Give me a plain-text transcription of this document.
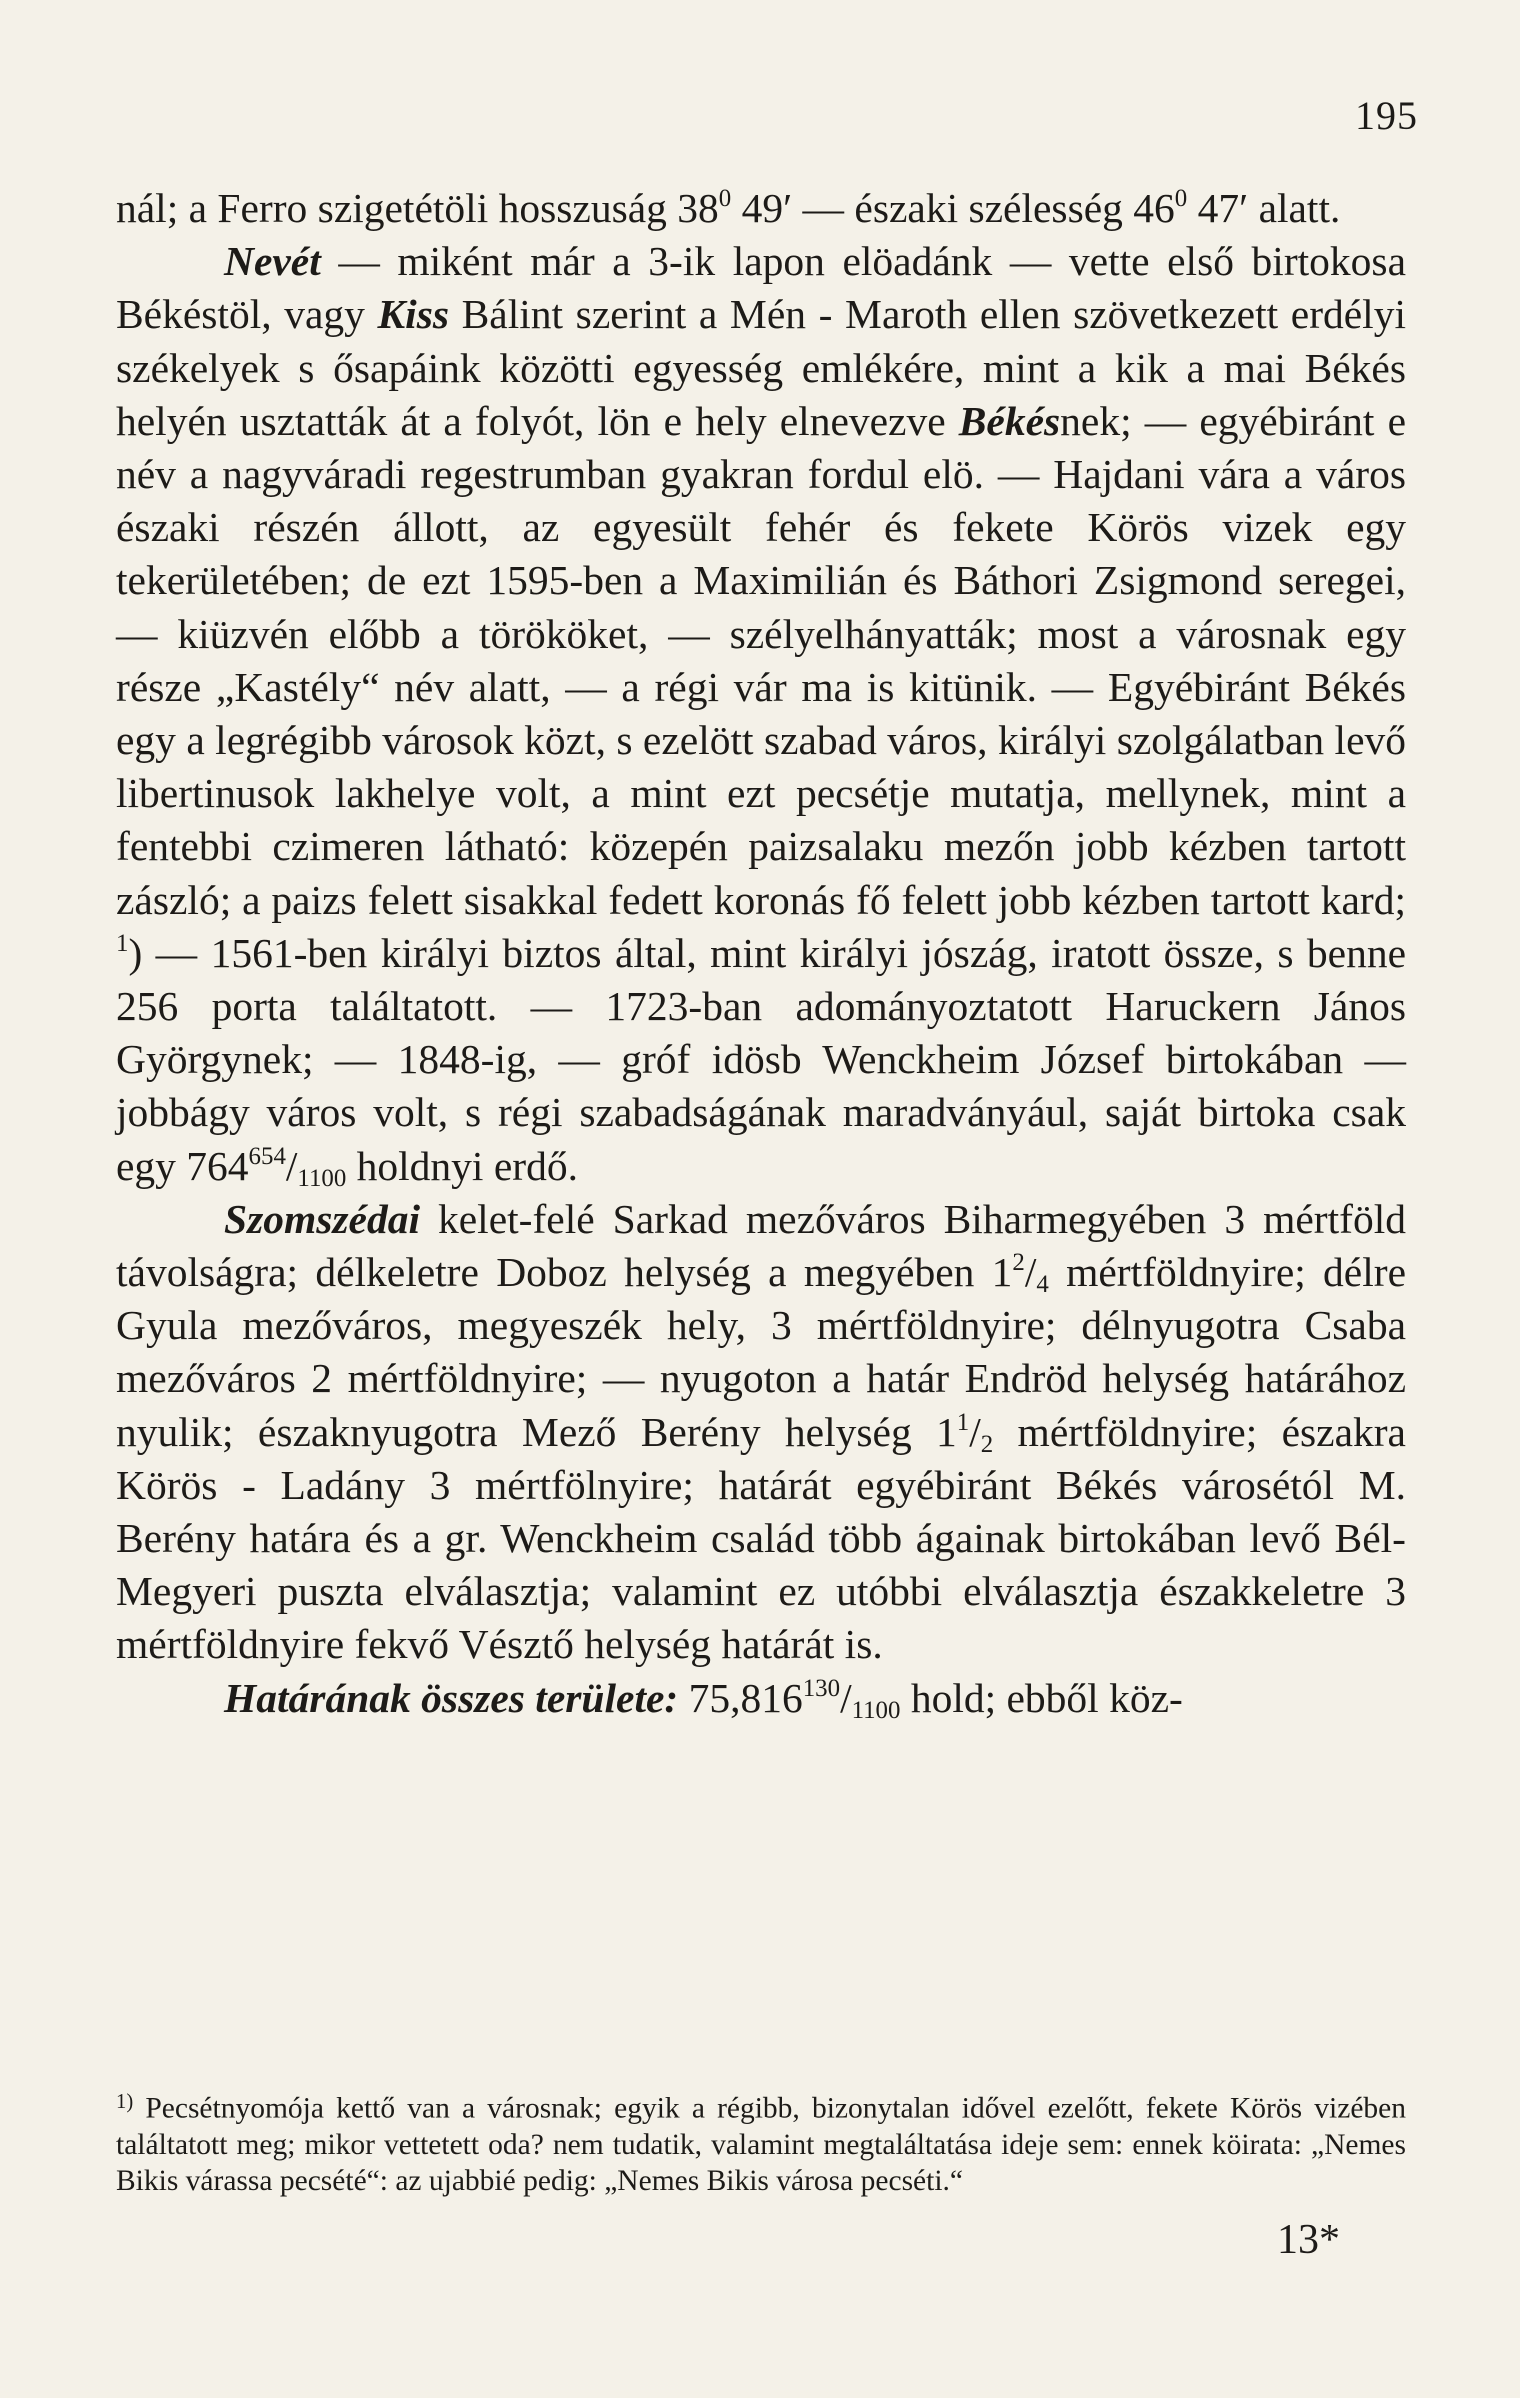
195

nál; a Ferro szigetétöli hosszuság $38^0$ 49′ — északi szélesség $46^0$ 47′ alatt.

Nevét — miként már a 3-ik lapon elöadánk — vette első birtokosa Békéstöl, vagy Kiss Bálint szerint a Mén - Maroth ellen szövetkezett erdélyi székelyek s ősapáink közötti egyesség emlékére, mint a kik a mai Békés helyén usztatták át a folyót, lön e hely elnevezve Békésnek; — egyébiránt e név a nagyváradi regestrumban gyakran fordul elö. — Hajdani vára a város északi részén állott, az egyesült fehér és fekete Körös vizek egy tekerületében; de ezt 1595-ben a Maximilián és Báthori Zsigmond seregei, — kiüzvén előbb a törököket, — szélyelhányatták; most a városnak egy része „Kastély“ név alatt, — a régi vár ma is kitünik. — Egyébiránt Békés egy a legrégibb városok közt, s ezelött szabad város, királyi szolgálatban levő libertinusok lakhelye volt, a mint ezt pecsétje mutatja, mellynek, mint a fentebbi czimeren látható: közepén paizsalaku mezőn jobb kézben tartott zászló; a paizs felett sisakkal fedett koronás fő felett jobb kézben tartott kard; $^1$) — 1561-ben királyi biztos által, mint királyi jószág, iratott össze, s benne 256 porta találtatott. — 1723-ban adományoztatott Haruckern János Györgynek; — 1848-ig, — gróf idösb Wenckheim József birtokában — jobbágy város volt, s régi szabadságának maradványául, saját birtoka csak egy $764^{654}/_{1100}$ holdnyi erdő.

Szomszédai kelet-felé Sarkad mezőváros Biharmegyében 3 mértföld távolságra; délkeletre Doboz helység a megyében $1^2/_4$ mértföldnyire; délre Gyula mezőváros, megyeszék hely, 3 mértföldnyire; délnyugotra Csaba mezőváros 2 mértföldnyire; — nyugoton a határ Endröd helység határához nyulik; északnyugotra Mező Berény helység $1^1/_2$ mértföldnyire; északra Körös - Ladány 3 mértfölnyire; határát egyébiránt Békés városétól M. Berény határa és a gr. Wenckheim család több ágainak birtokában levő Bél-Megyeri puszta elválasztja; valamint ez utóbbi elválasztja északkeletre 3 mértföldnyire fekvő Vésztő helység határát is.

Határának összes területe: $75,816^{130}/_{1100}$ hold; ebből köz-

$^{1)}$ Pecsétnyomója kettő van a városnak; egyik a régibb, bizonytalan idővel ezelőtt, fekete Körös vizében találtatott meg; mikor vettetett oda? nem tudatik, valamint megtaláltatása ideje sem: ennek köirata: „Nemes Bikis várassa pecsété“: az ujabbié pedig: „Nemes Bikis városa pecséti.“
13*
